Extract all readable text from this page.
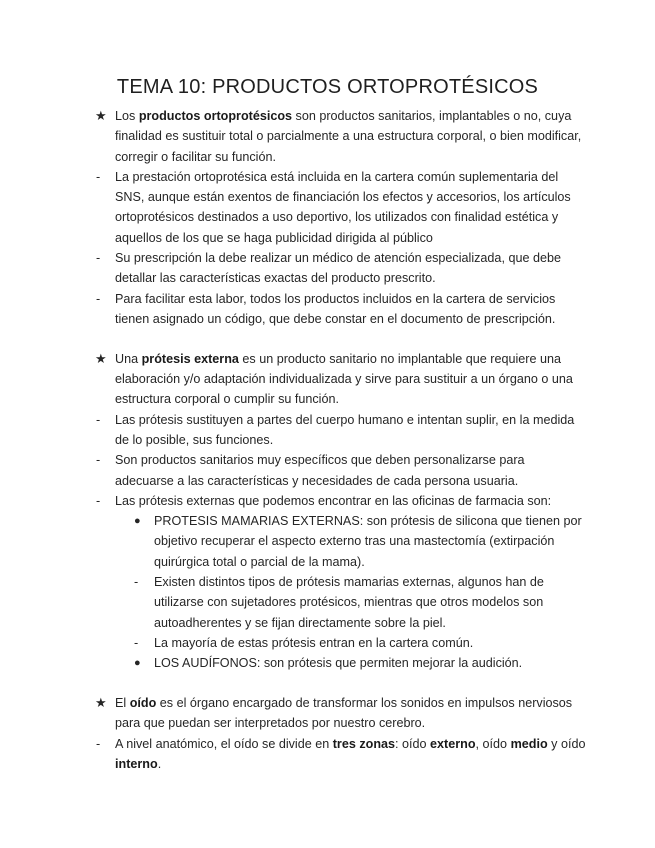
TEMA 10: PRODUCTOS ORTOPROTÉSICOS

★ Los productos ortoprotésicos son productos sanitarios, implantables o no, cuya finalidad es sustituir total o parcialmente a una estructura corporal, o bien modificar, corregir o facilitar su función.

- La prestación ortoprotésica está incluida en la cartera común suplementaria del SNS, aunque están exentos de financiación los efectos y accesorios, los artículos ortoprotésicos destinados a uso deportivo, los utilizados con finalidad estética y aquellos de los que se haga publicidad dirigida al público

- Su prescripción la debe realizar un médico de atención especializada, que debe detallar las características exactas del producto prescrito.

- Para facilitar esta labor, todos los productos incluidos en la cartera de servicios tienen asignado un código, que debe constar en el documento de prescripción.

★ Una prótesis externa es un producto sanitario no implantable que requiere una elaboración y/o adaptación individualizada y sirve para sustituir a un órgano o una estructura corporal o cumplir su función.

- Las prótesis sustituyen a partes del cuerpo humano e intentan suplir, en la medida de lo posible, sus funciones.

- Son productos sanitarios muy específicos que deben personalizarse para adecuarse a las características y necesidades de cada persona usuaria.

- Las prótesis externas que podemos encontrar en las oficinas de farmacia son:

● PROTESIS MAMARIAS EXTERNAS: son prótesis de silicona que tienen por objetivo recuperar el aspecto externo tras una mastectomía (extirpación quirúrgica total o parcial de la mama).

- Existen distintos tipos de prótesis mamarias externas, algunos han de utilizarse con sujetadores protésicos, mientras que otros modelos son autoadherentes y se fijan directamente sobre la piel.

- La mayoría de estas prótesis entran en la cartera común.

● LOS AUDÍFONOS: son prótesis que permiten mejorar la audición.

★ El oído es el órgano encargado de transformar los sonidos en impulsos nerviosos para que puedan ser interpretados por nuestro cerebro.

- A nivel anatómico, el oído se divide en tres zonas: oído externo, oído medio y oído interno.
